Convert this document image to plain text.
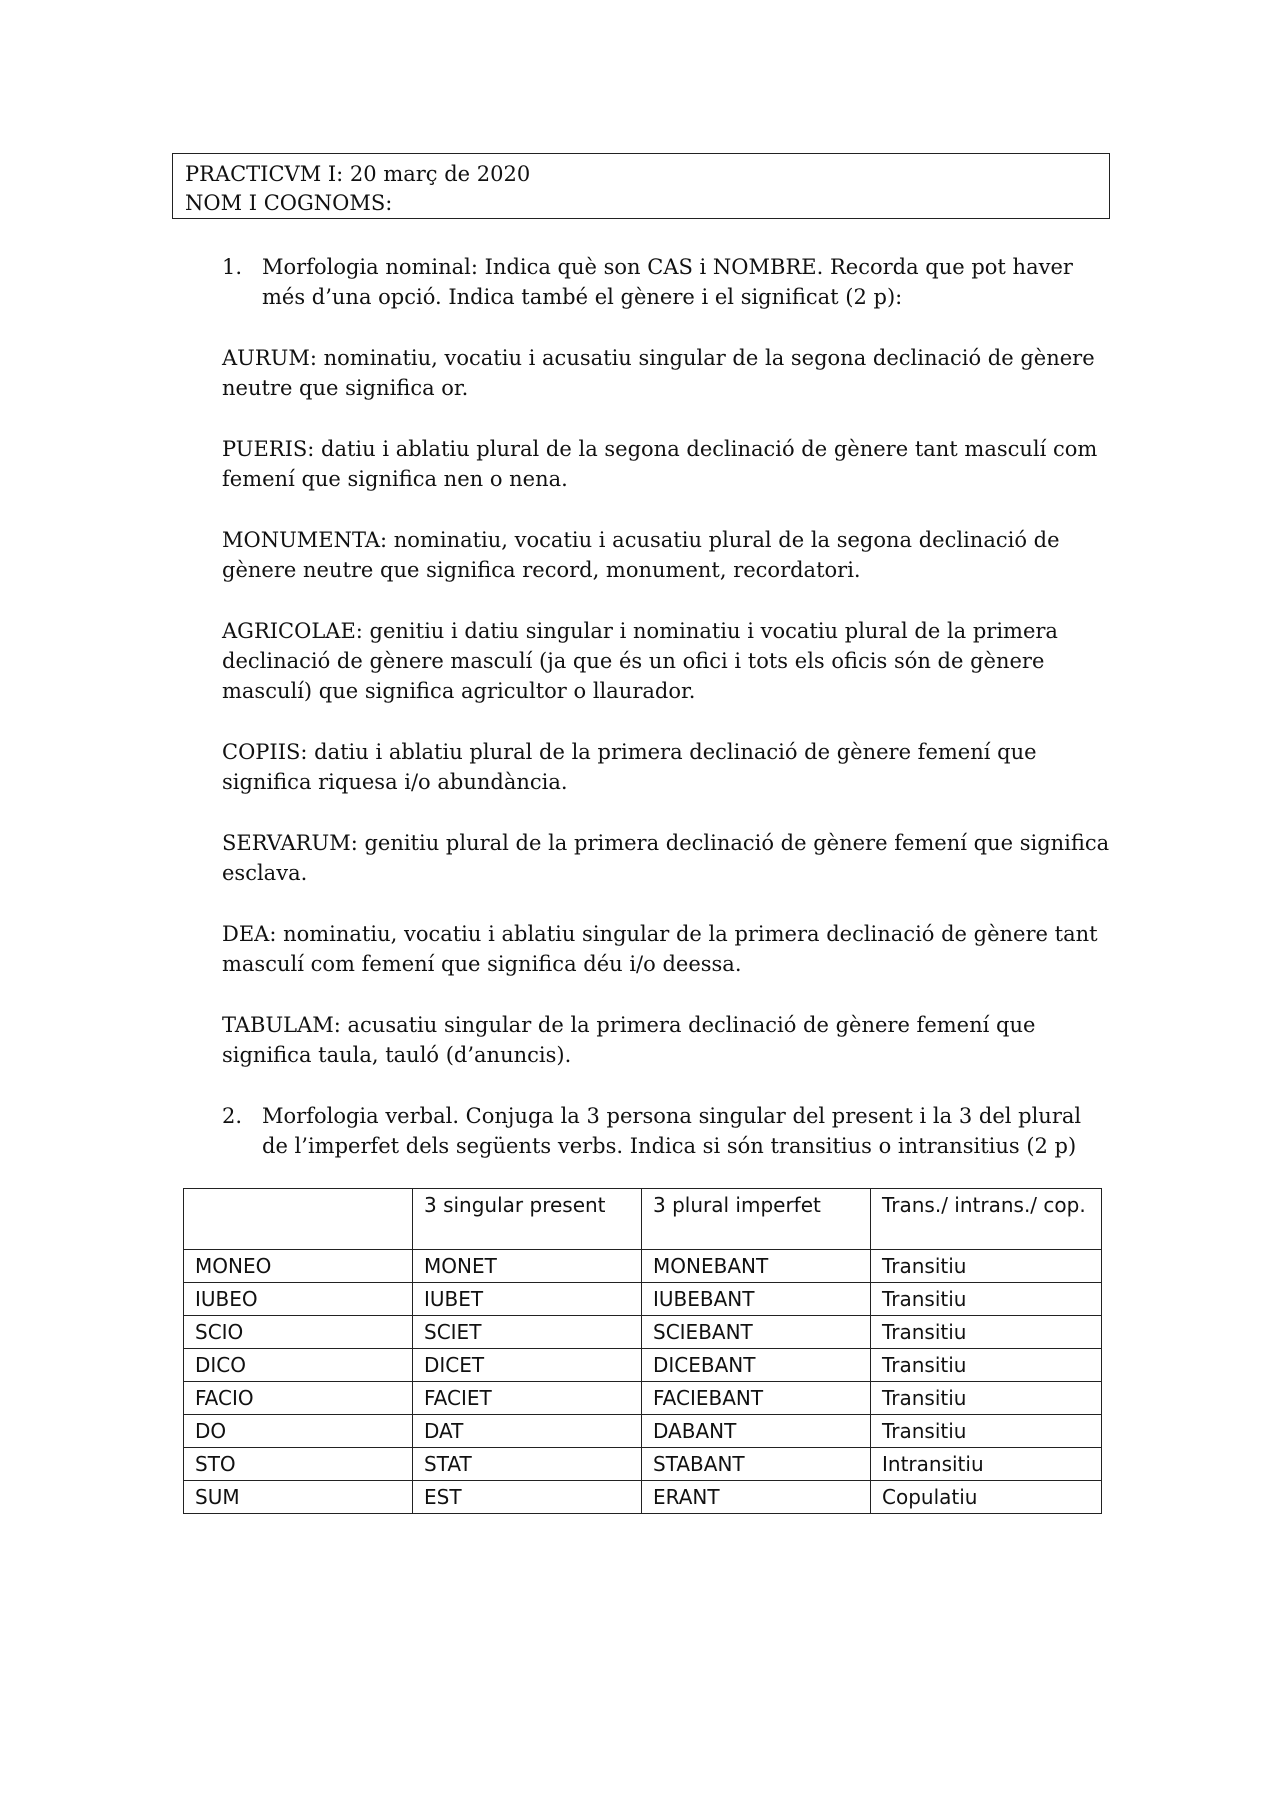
PRACTICVM I: 20 març de 2020
NOM I COGNOMS:
1. Morfologia nominal: Indica què son CAS i NOMBRE. Recorda que pot haver més d’una opció. Indica també el gènere i el significat (2 p):
AURUM: nominatiu, vocatiu i acusatiu singular de la segona declinació de gènere neutre que significa or.
PUERIS: datiu i ablatiu plural de la segona declinació de gènere tant masculí com femení que significa nen o nena.
MONUMENTA: nominatiu, vocatiu i acusatiu plural de la segona declinació de gènere neutre que significa record, monument, recordatori.
AGRICOLAE: genitiu i datiu singular i nominatiu i vocatiu plural de la primera declinació de gènere masculí (ja que és un ofici i tots els oficis són de gènere masculí) que significa agricultor o llaurador.
COPIIS: datiu i ablatiu plural de la primera declinació de gènere femení que significa riquesa i/o abundància.
SERVARUM: genitiu plural de la primera declinació de gènere femení que significa esclava.
DEA: nominatiu, vocatiu i ablatiu singular de la primera declinació de gènere tant masculí com femení que significa déu i/o deessa.
TABULAM: acusatiu singular de la primera declinació de gènere femení que significa taula, tauló (d’anuncis).
2. Morfologia verbal. Conjuga la 3 persona singular del present i la 3 del plural de l’imperfet dels següents verbs. Indica si són transitius o intransitius (2 p)
	3 singular present	3 plural imperfet	Trans./ intrans./ cop.
MONEO	MONET	MONEBANT	Transitiu
IUBEO	IUBET	IUBEBANT	Transitiu
SCIO	SCIET	SCIEBANT	Transitiu
DICO	DICET	DICEBANT	Transitiu
FACIO	FACIET	FACIEBANT	Transitiu
DO	DAT	DABANT	Transitiu
STO	STAT	STABANT	Intransitiu
SUM	EST	ERANT	Copulatiu
